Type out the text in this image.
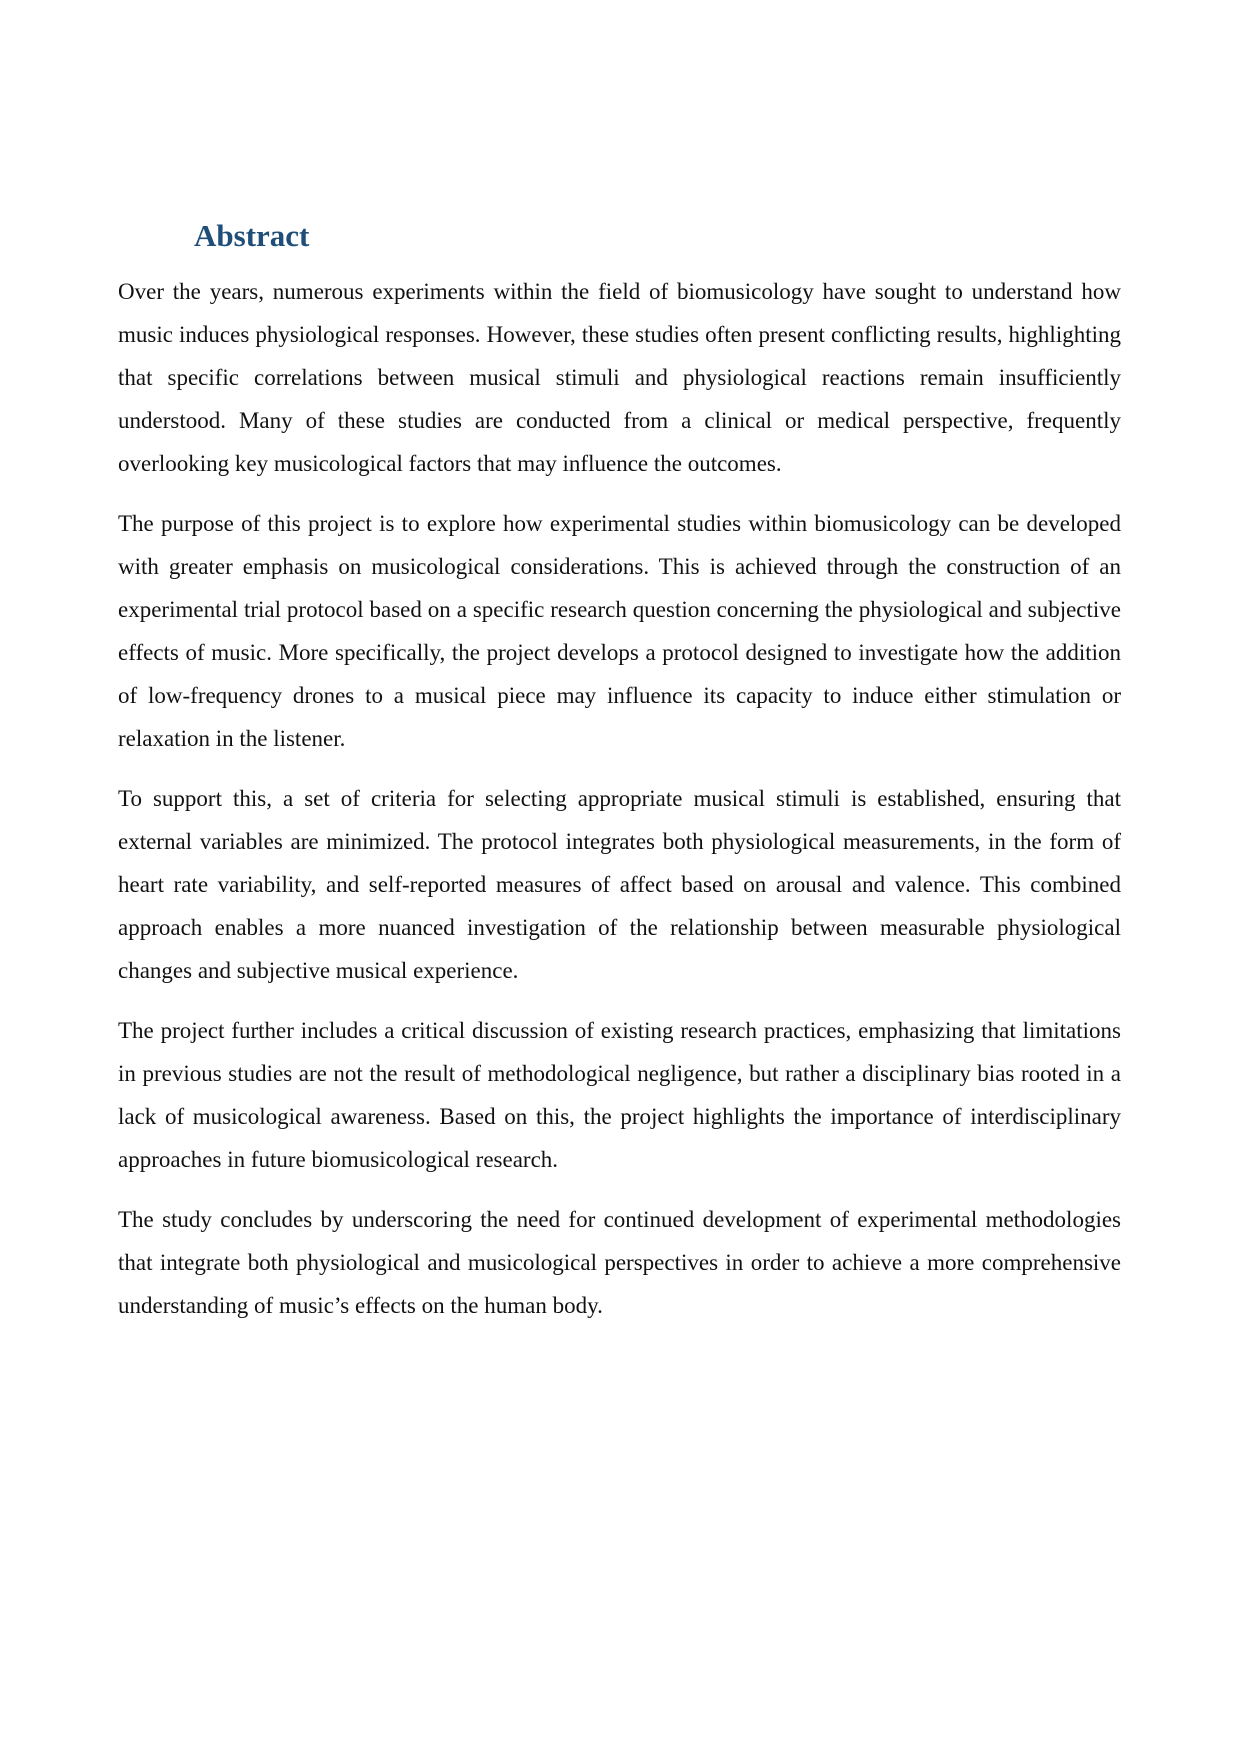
Abstract

Over the years, numerous experiments within the field of biomusicology have sought to understand how music induces physiological responses. However, these studies often present conflicting results, highlighting that specific correlations between musical stimuli and physiological reactions remain insufficiently understood. Many of these studies are conducted from a clinical or medical perspective, frequently overlooking key musicological factors that may influence the outcomes.

The purpose of this project is to explore how experimental studies within biomusicology can be developed with greater emphasis on musicological considerations. This is achieved through the construction of an experimental trial protocol based on a specific research question concerning the physiological and subjective effects of music. More specifically, the project develops a protocol designed to investigate how the addition of low-frequency drones to a musical piece may influence its capacity to induce either stimulation or relaxation in the listener.

To support this, a set of criteria for selecting appropriate musical stimuli is established, ensuring that external variables are minimized. The protocol integrates both physiological measurements, in the form of heart rate variability, and self-reported measures of affect based on arousal and valence. This combined approach enables a more nuanced investigation of the relationship between measurable physiological changes and subjective musical experience.

The project further includes a critical discussion of existing research practices, emphasizing that limitations in previous studies are not the result of methodological negligence, but rather a disciplinary bias rooted in a lack of musicological awareness. Based on this, the project highlights the importance of interdisciplinary approaches in future biomusicological research.

The study concludes by underscoring the need for continued development of experimental methodologies that integrate both physiological and musicological perspectives in order to achieve a more comprehensive understanding of music’s effects on the human body.
